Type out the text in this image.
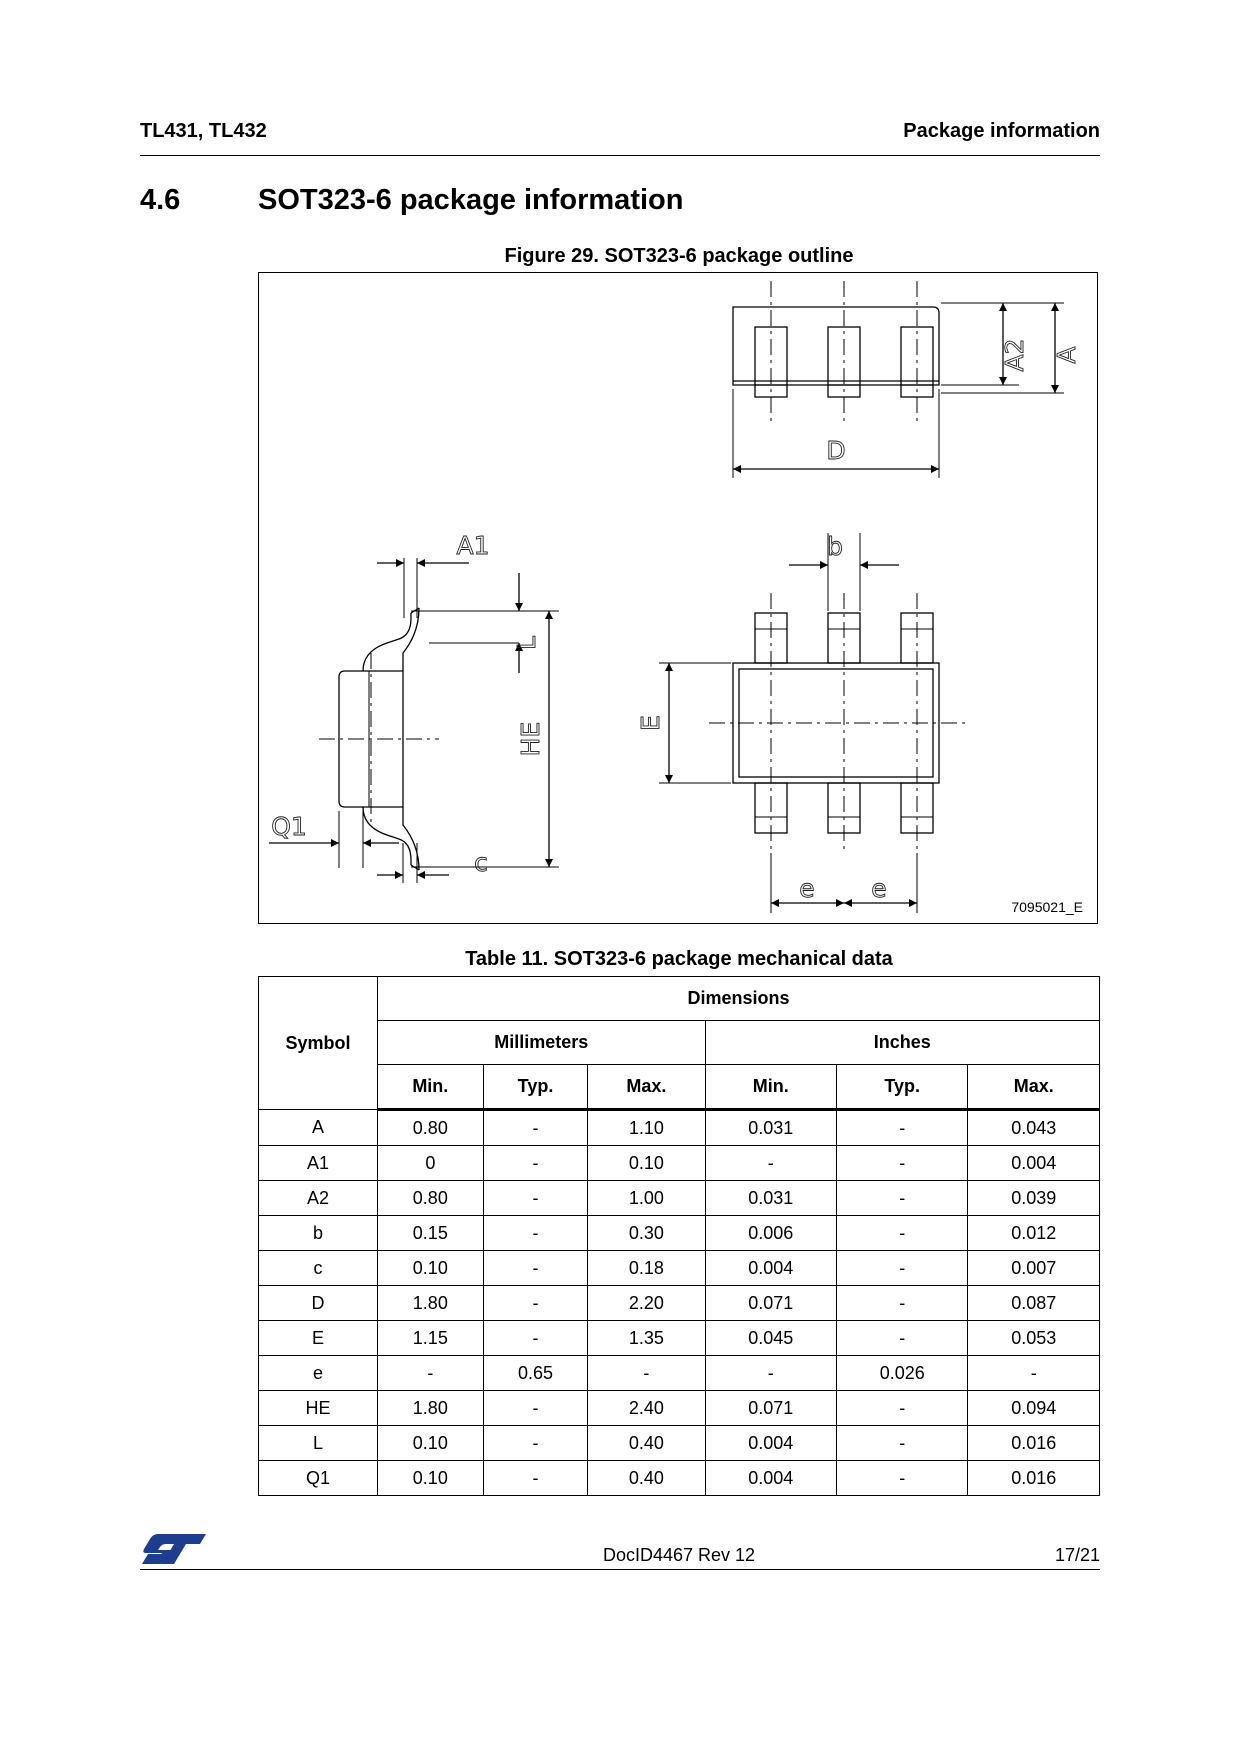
TL431, TL432	Package information
4.6	SOT323-6 package information
Figure 29. SOT323-6 package outline
A2 A
D
A1
L
HE
Q1
c
E
b
e e
7095021_E
Table 11. SOT323-6 package mechanical data
Symbol	Dimensions					
	Millimeters			Inches		
	Min.	Typ.	Max.	Min.	Typ.	Max.
A	0.80	-	1.10	0.031	-	0.043
A1	0	-	0.10	-	-	0.004
A2	0.80	-	1.00	0.031	-	0.039
b	0.15	-	0.30	0.006	-	0.012
c	0.10	-	0.18	0.004	-	0.007
D	1.80	-	2.20	0.071	-	0.087
E	1.15	-	1.35	0.045	-	0.053
e	-	0.65	-	-	0.026	-
HE	1.80	-	2.40	0.071	-	0.094
L	0.10	-	0.40	0.004	-	0.016
Q1	0.10	-	0.40	0.004	-	0.016
DocID4467 Rev 12	17/21
